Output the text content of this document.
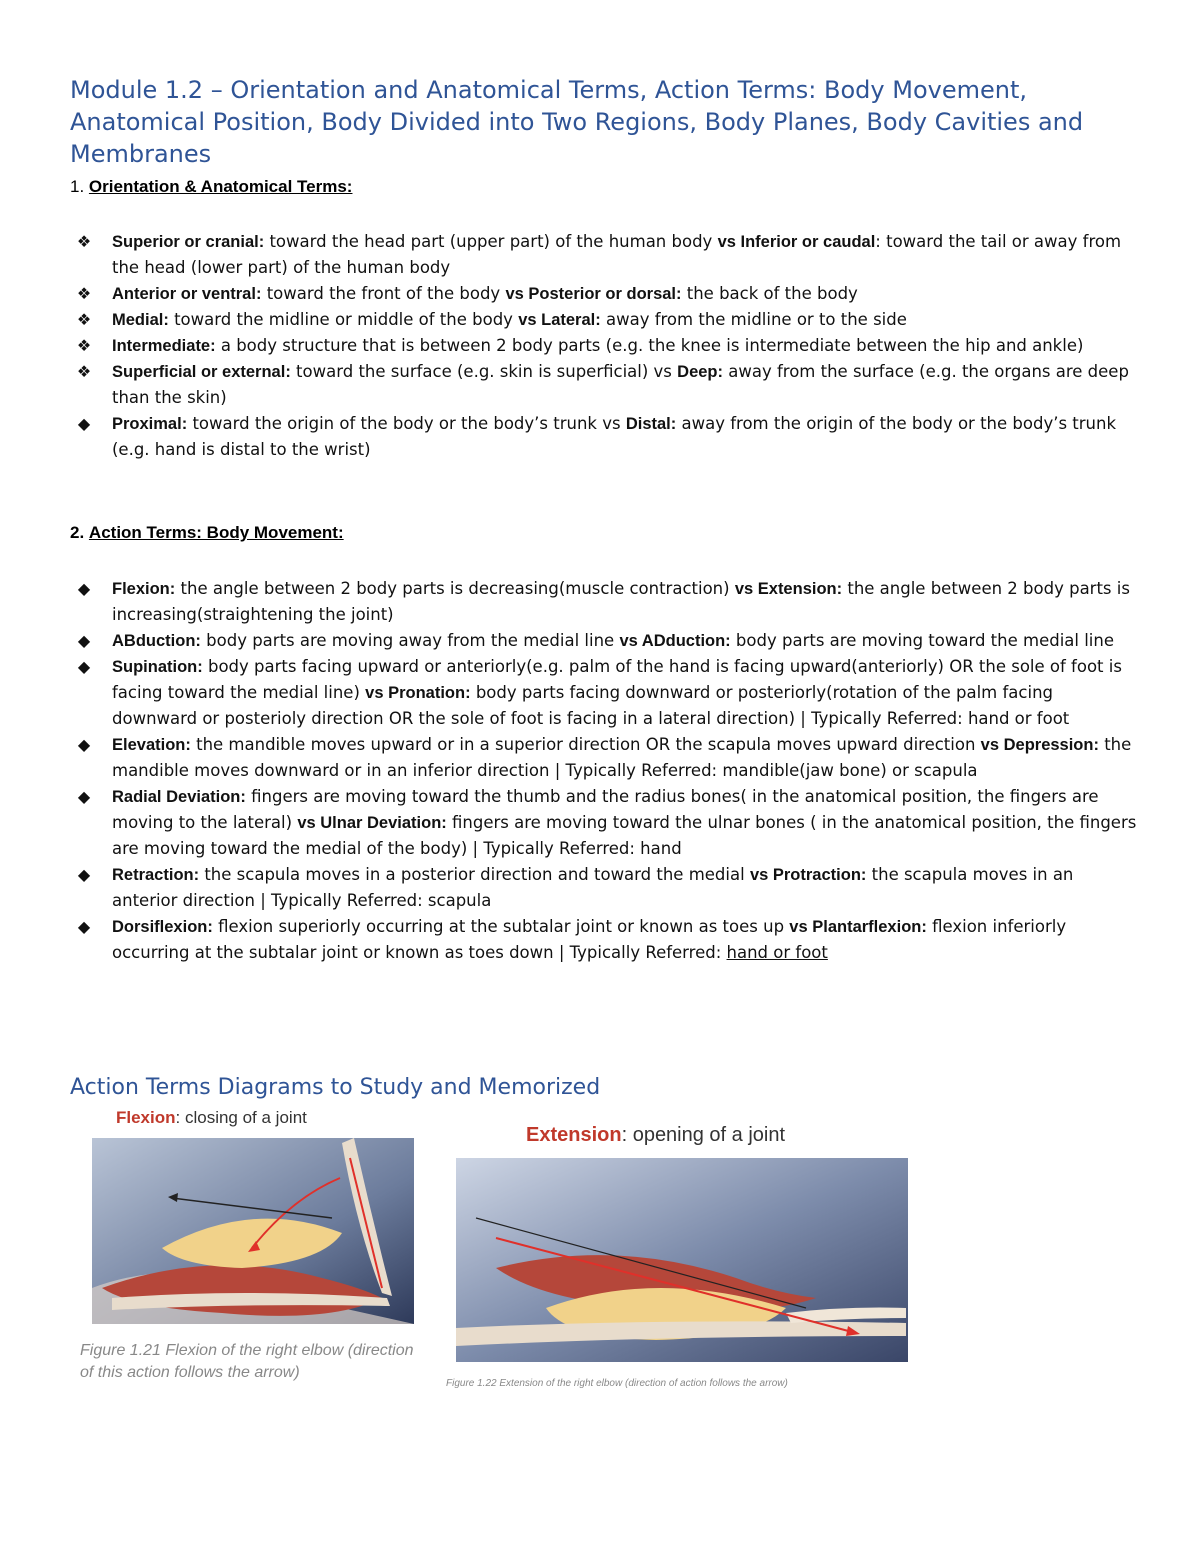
Module 1.2 – Orientation and Anatomical Terms, Action Terms: Body Movement, Anatomical Position, Body Divided into Two Regions, Body Planes, Body Cavities and Membranes
1. Orientation & Anatomical Terms:
❖ Superior or cranial: toward the head part (upper part) of the human body vs Inferior or caudal: toward the tail or away from the head (lower part) of the human body
❖ Anterior or ventral: toward the front of the body vs Posterior or dorsal: the back of the body
❖ Medial: toward the midline or middle of the body vs Lateral: away from the midline or to the side
❖ Intermediate: a body structure that is between 2 body parts (e.g. the knee is intermediate between the hip and ankle)
❖ Superficial or external: toward the surface (e.g. skin is superficial) vs Deep: away from the surface (e.g. the organs are deep than the skin)
◆ Proximal: toward the origin of the body or the body’s trunk vs Distal: away from the origin of the body or the body’s trunk (e.g. hand is distal to the wrist)
2. Action Terms: Body Movement:
◆ Flexion: the angle between 2 body parts is decreasing(muscle contraction) vs Extension: the angle between 2 body parts is increasing(straightening the joint)
◆ ABduction: body parts are moving away from the medial line vs ADduction: body parts are moving toward the medial line
◆ Supination: body parts facing upward or anteriorly(e.g. palm of the hand is facing upward(anteriorly) OR the sole of foot is facing toward the medial line) vs Pronation: body parts facing downward or posteriorly(rotation of the palm facing downward or posterioly direction OR the sole of foot is facing in a lateral direction) | Typically Referred: hand or foot
◆ Elevation: the mandible moves upward or in a superior direction OR the scapula moves upward direction vs Depression: the mandible moves downward or in an inferior direction | Typically Referred: mandible(jaw bone) or scapula
◆ Radial Deviation: fingers are moving toward the thumb and the radius bones( in the anatomical position, the fingers are moving to the lateral) vs Ulnar Deviation: fingers are moving toward the ulnar bones ( in the anatomical position, the fingers are moving toward the medial of the body) | Typically Referred: hand
◆ Retraction: the scapula moves in a posterior direction and toward the medial vs Protraction: the scapula moves in an anterior direction | Typically Referred: scapula
◆ Dorsiflexion: flexion superiorly occurring at the subtalar joint or known as toes up vs Plantarflexion: flexion inferiorly occurring at the subtalar joint or known as toes down | Typically Referred: hand or foot
Action Terms Diagrams to Study and Memorized
Flexion: closing of a joint
Figure 1.21 Flexion of the right elbow (direction
of this action follows the arrow)
Extension: opening of a joint
Figure 1.22 Extension of the right elbow (direction of action follows the arrow)
